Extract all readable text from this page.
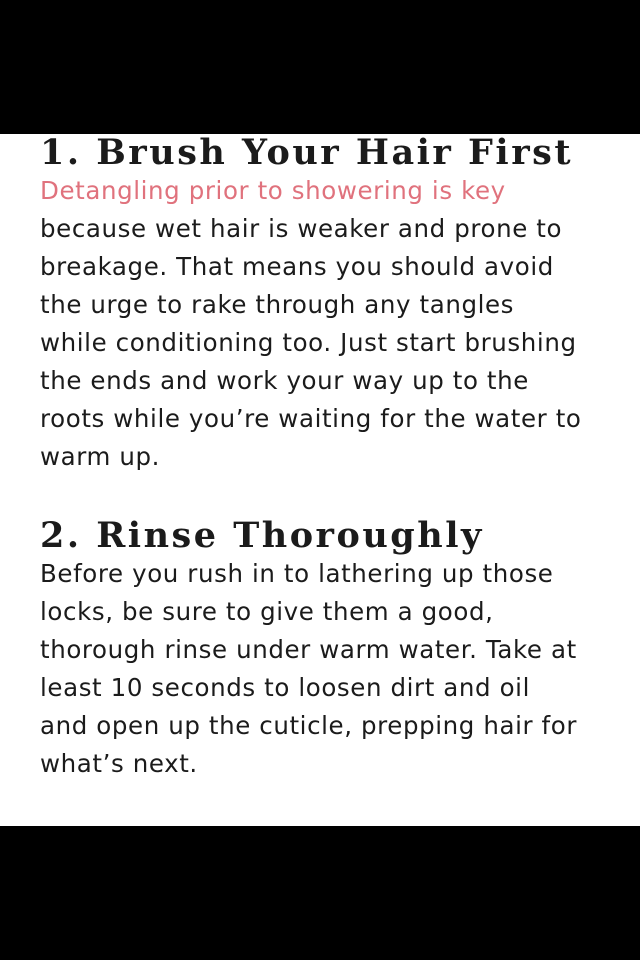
1. Brush Your Hair First

Detangling prior to showering is key
because wet hair is weaker and prone to
breakage. That means you should avoid
the urge to rake through any tangles
while conditioning too. Just start brushing
the ends and work your way up to the
roots while you’re waiting for the water to
warm up.

2. Rinse Thoroughly

Before you rush in to lathering up those
locks, be sure to give them a good,
thorough rinse under warm water. Take at
least 10 seconds to loosen dirt and oil
and open up the cuticle, prepping hair for
what’s next.
